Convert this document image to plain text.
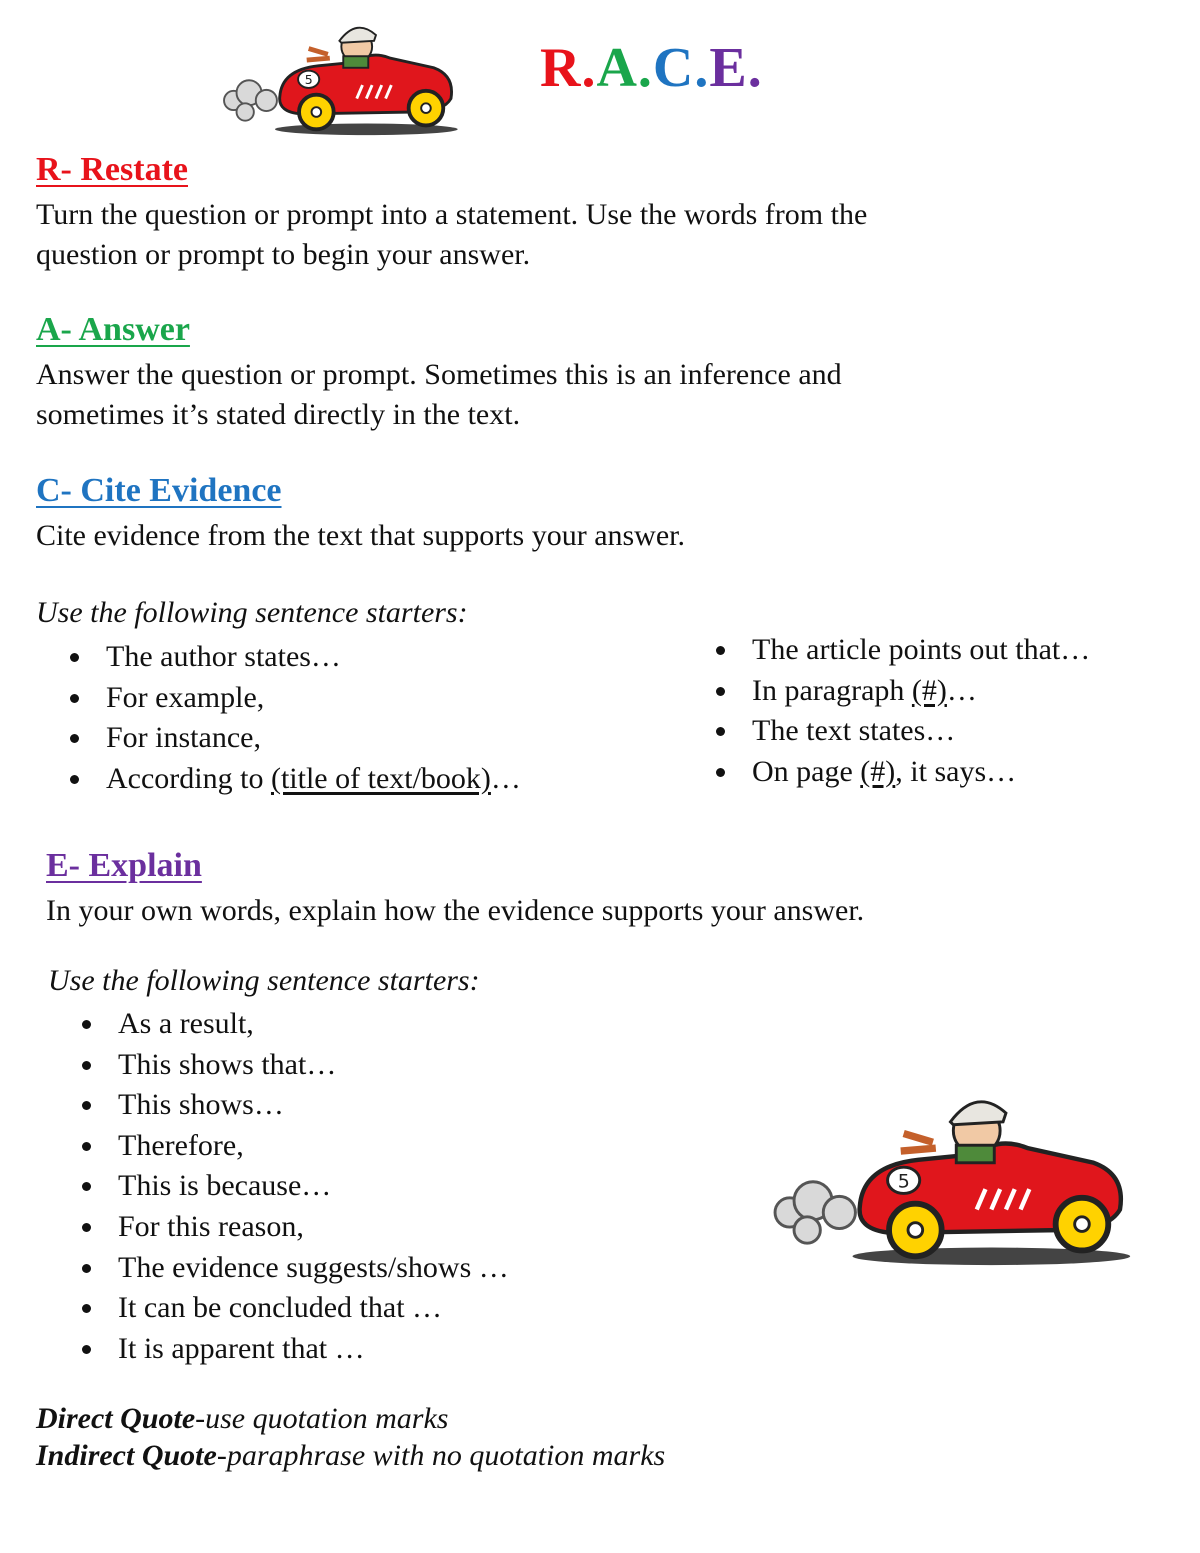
R.A.C.E.
R- Restate
Turn the question or prompt into a statement. Use the words from the
question or prompt to begin your answer.
A- Answer
Answer the question or prompt. Sometimes this is an inference and
sometimes it’s stated directly in the text.
C- Cite Evidence
Cite evidence from the text that supports your answer.
Use the following sentence starters:
The author states…
For example,
For instance,
According to (title of text/book)…
The article points out that…
In paragraph (#)…
The text states…
On page (#), it says…
E- Explain
In your own words, explain how the evidence supports your answer.
Use the following sentence starters:
As a result,
This shows that…
This shows…
Therefore,
This is because…
For this reason,
The evidence suggests/shows …
It can be concluded that …
It is apparent that …
Direct Quote-use quotation marks
Indirect Quote-paraphrase with no quotation marks
